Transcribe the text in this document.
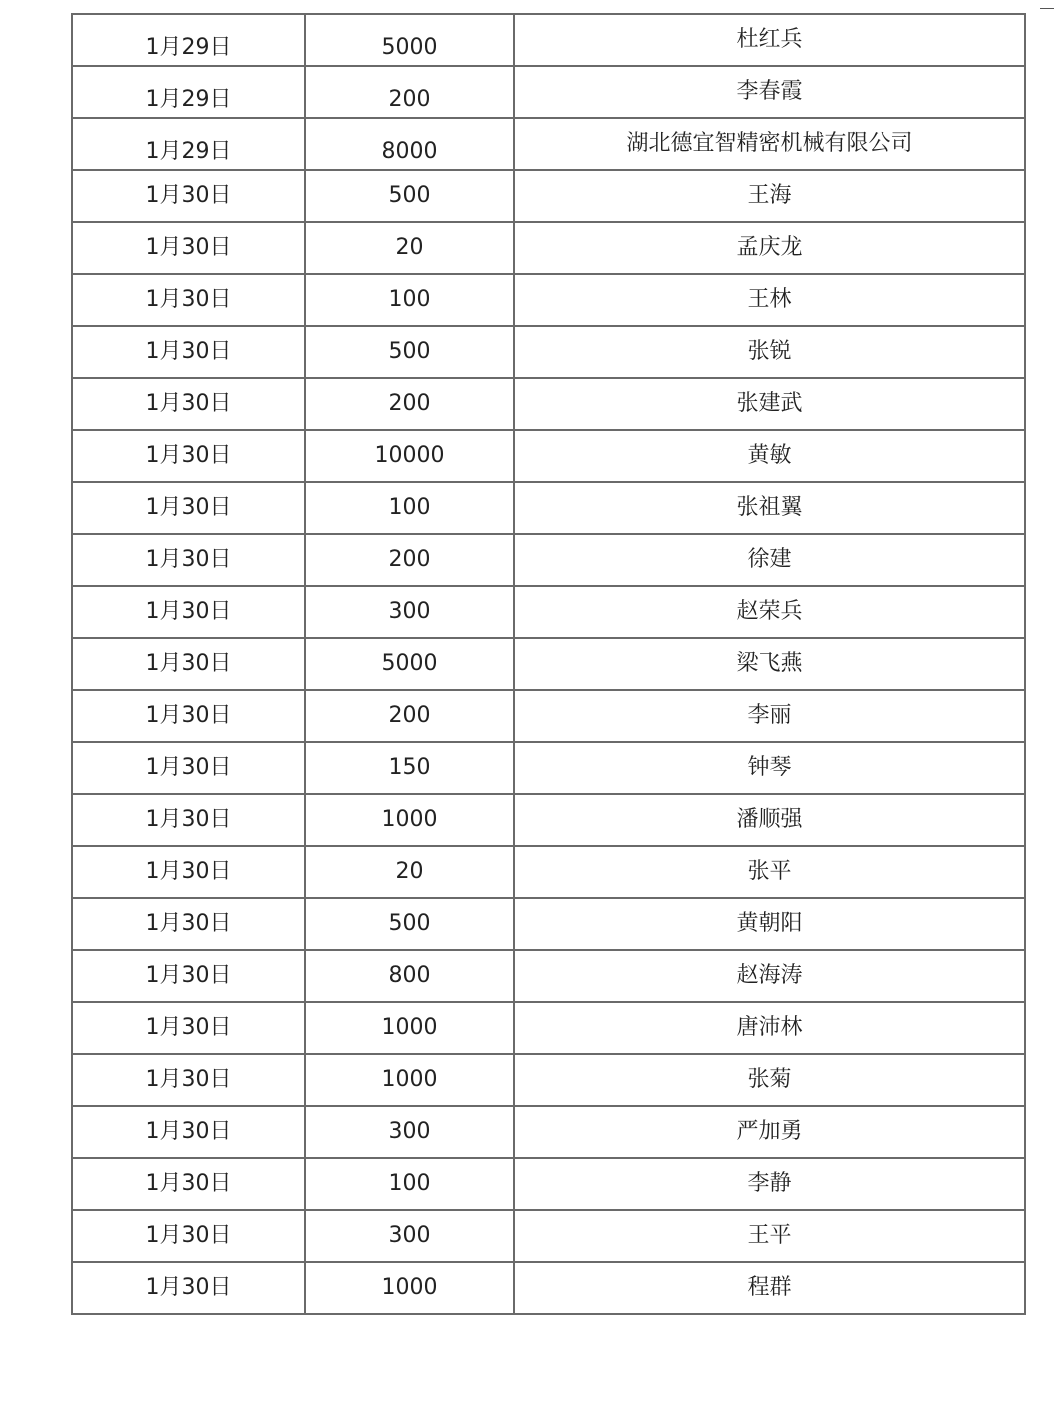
1月29日	5000	杜红兵
1月29日	200	李春霞
1月29日	8000	湖北德宜智精密机械有限公司
1月30日	500	王海
1月30日	20	孟庆龙
1月30日	100	王林
1月30日	500	张锐
1月30日	200	张建武
1月30日	10000	黄敏
1月30日	100	张祖翼
1月30日	200	徐建
1月30日	300	赵荣兵
1月30日	5000	梁飞燕
1月30日	200	李丽
1月30日	150	钟琴
1月30日	1000	潘顺强
1月30日	20	张平
1月30日	500	黄朝阳
1月30日	800	赵海涛
1月30日	1000	唐沛林
1月30日	1000	张菊
1月30日	300	严加勇
1月30日	100	李静
1月30日	300	王平
1月30日	1000	程群
